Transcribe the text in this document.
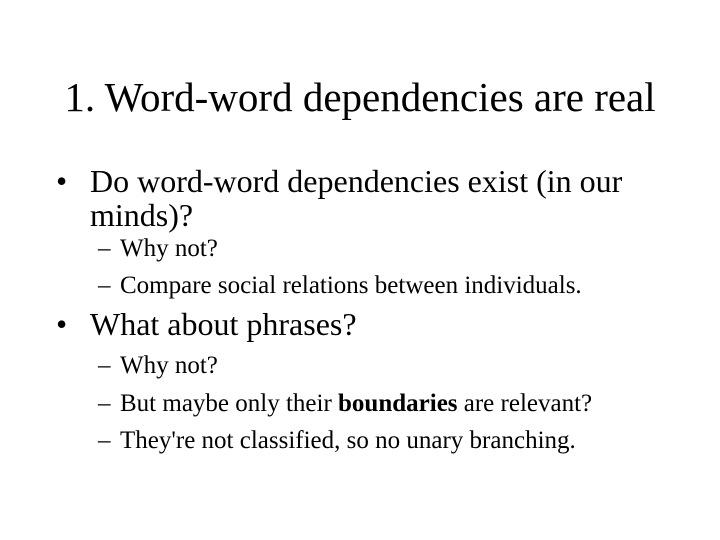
1. Word-word dependencies are real
• Do word-word dependencies exist (in our minds)?
– Why not?
– Compare social relations between individuals.
• What about phrases?
– Why not?
– But maybe only their boundaries are relevant?
– They're not classified, so no unary branching.
